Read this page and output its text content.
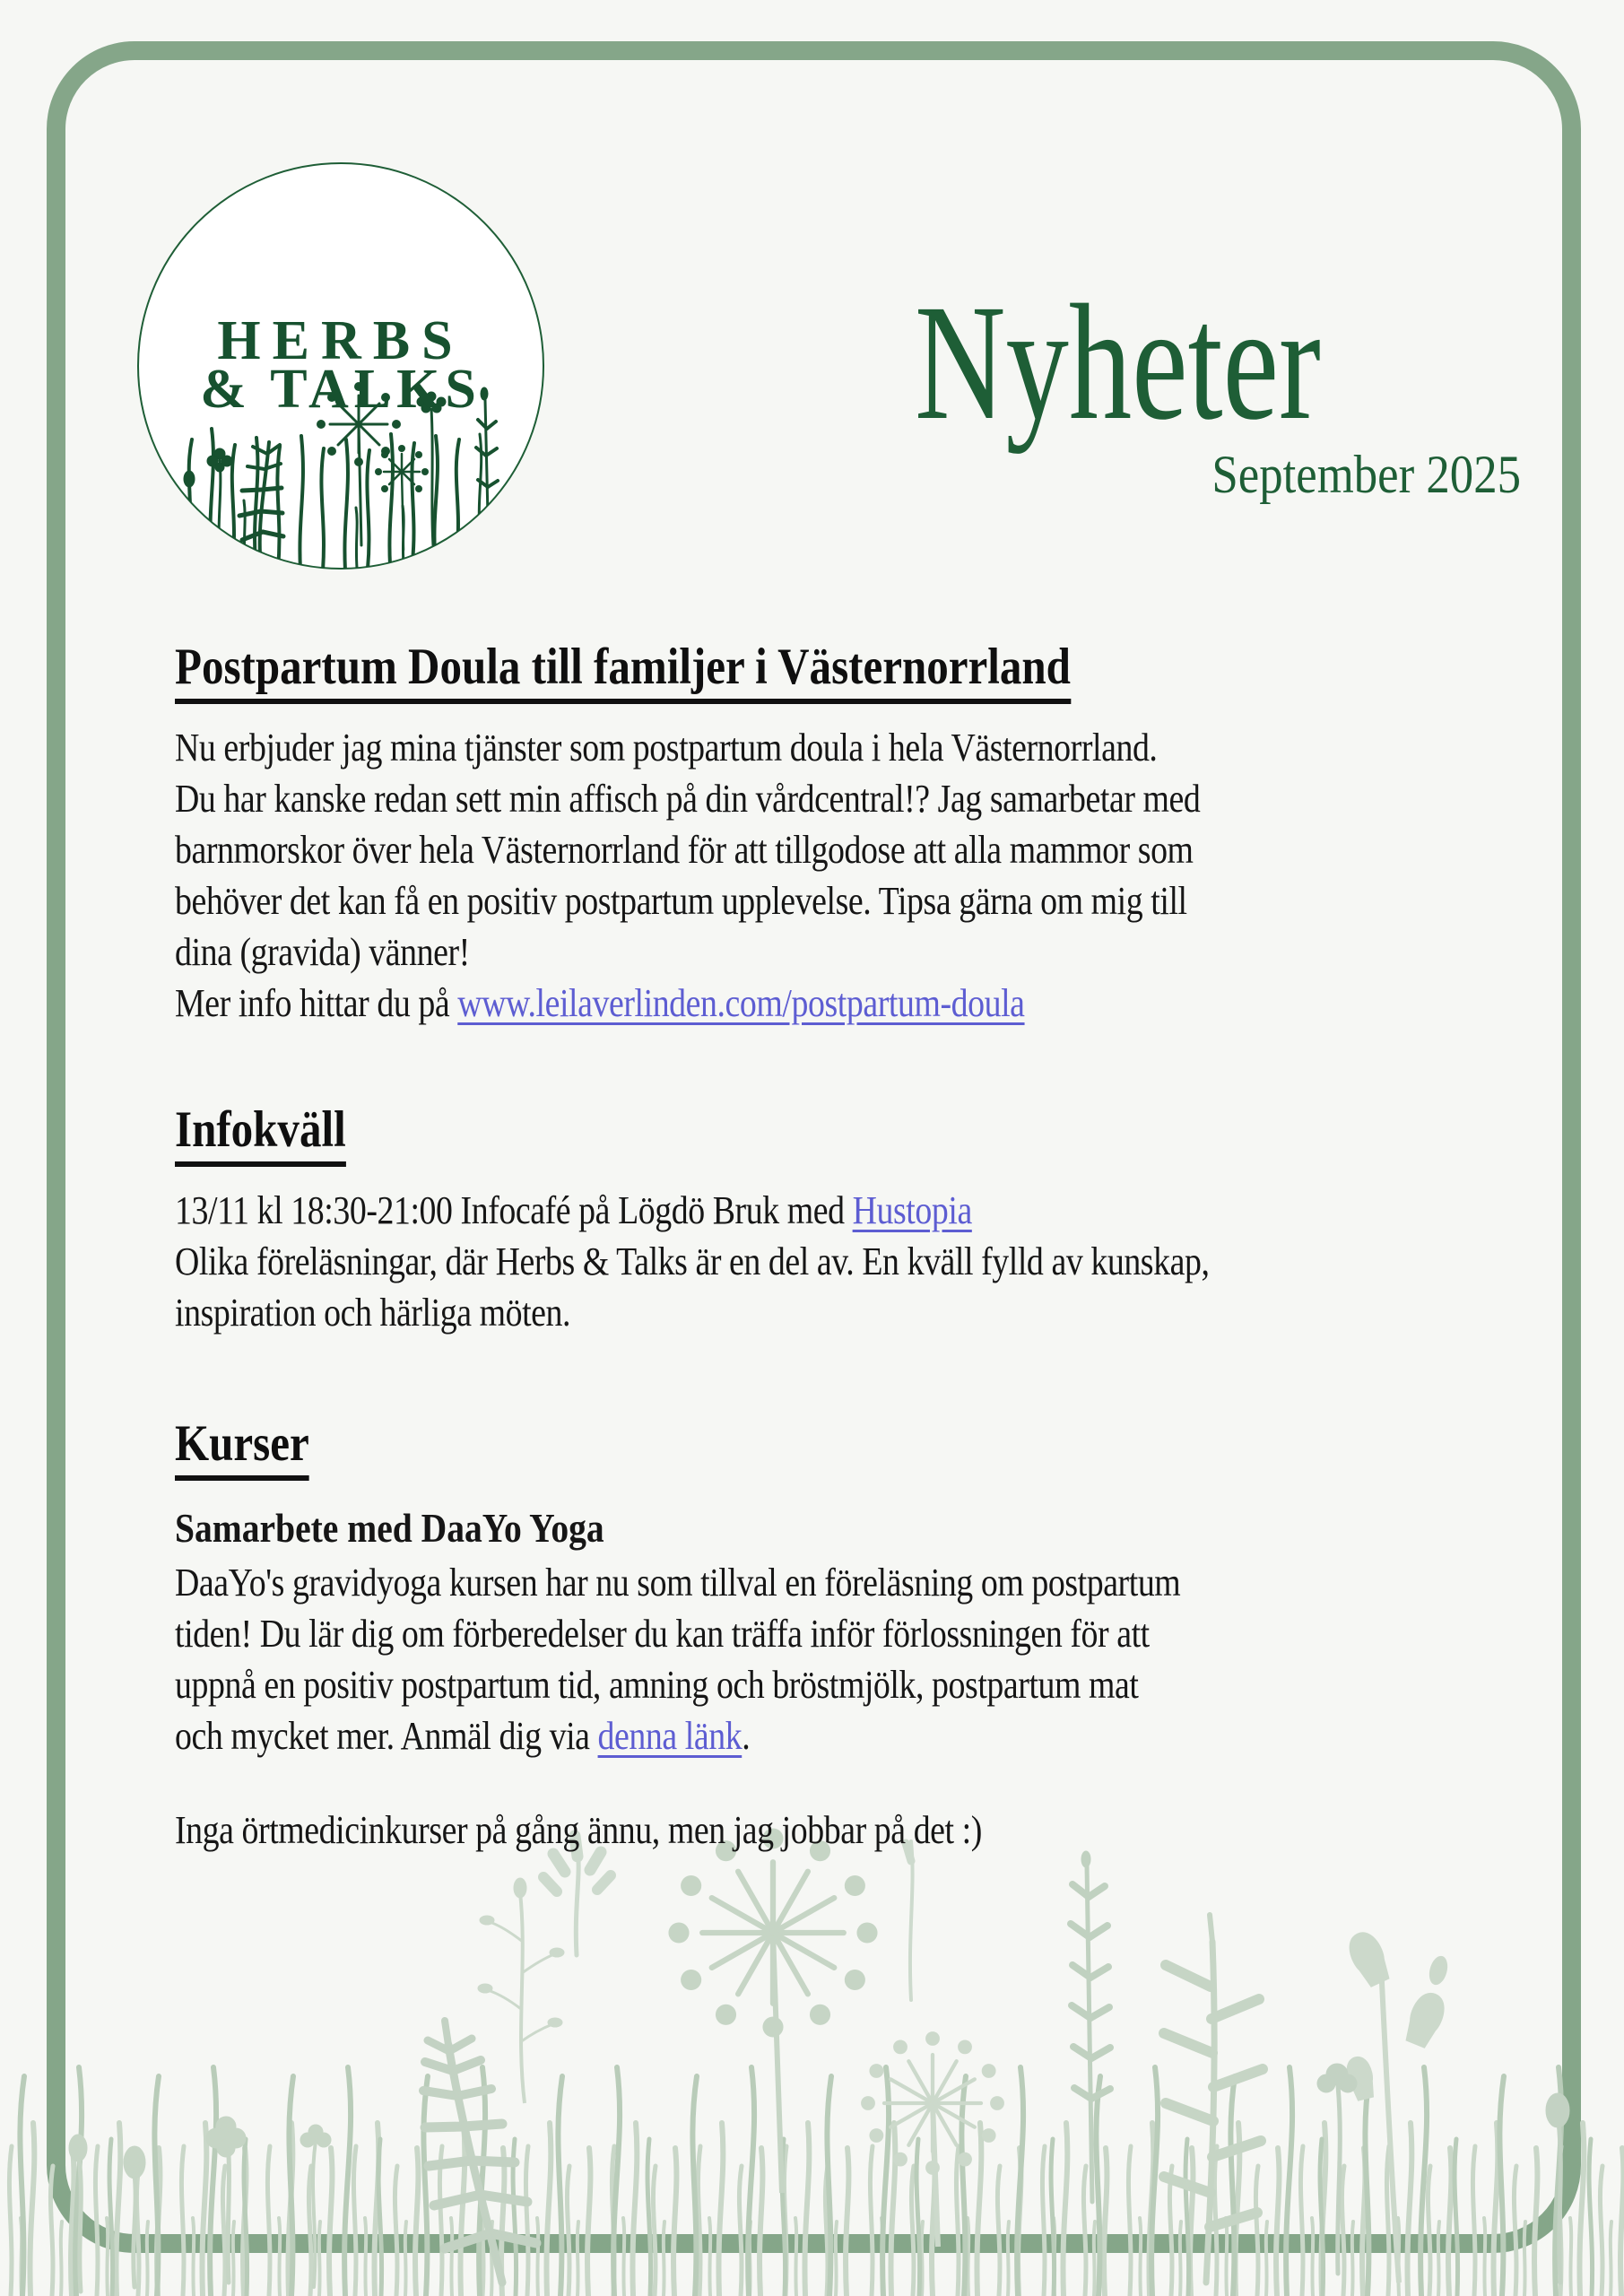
HERBS
& TALKS	Nyheter
September 2025
Postpartum Doula till familjer i Västernorrland
Nu erbjuder jag mina tjänster som postpartum doula i hela Västernorrland.
Du har kanske redan sett min affisch på din vårdcentral!? Jag samarbetar med
barnmorskor över hela Västernorrland för att tillgodose att alla mammor som
behöver det kan få en positiv postpartum upplevelse. Tipsa gärna om mig till
dina (gravida) vänner!
Mer info hittar du på www.leilaverlinden.com/postpartum-doula
Infokväll
13/11 kl 18:30-21:00 Infocafé på Lögdö Bruk med Hustopia
Olika föreläsningar, där Herbs & Talks är en del av. En kväll fylld av kunskap,
inspiration och härliga möten.
Kurser
Samarbete med DaaYo Yoga
DaaYo's gravidyoga kursen har nu som tillval en föreläsning om postpartum
tiden! Du lär dig om förberedelser du kan träffa inför förlossningen för att
uppnå en positiv postpartum tid, amning och bröstmjölk, postpartum mat
och mycket mer. Anmäl dig via denna länk.
Inga örtmedicinkurser på gång ännu, men jag jobbar på det :)
